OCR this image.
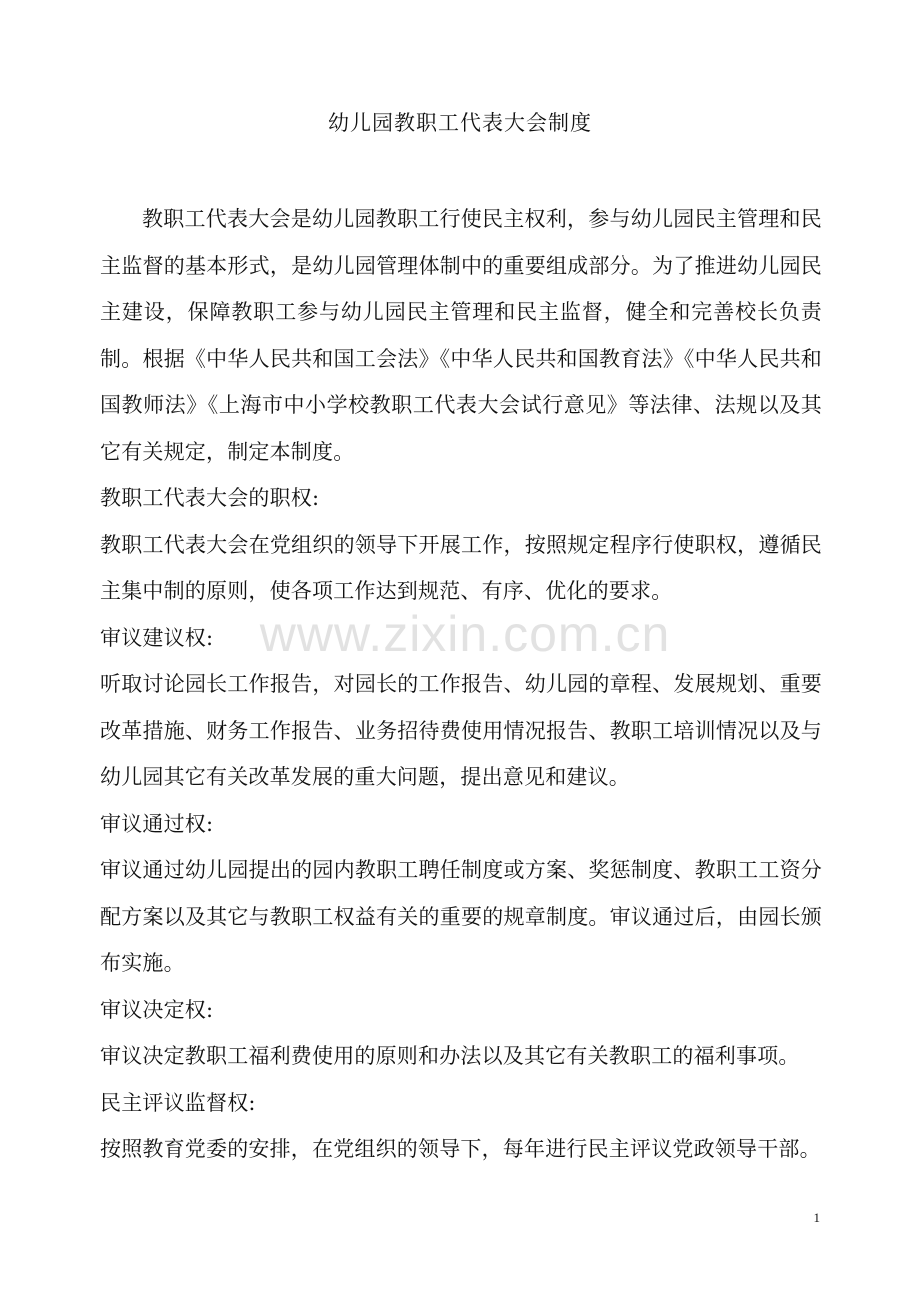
幼儿园教职工代表大会制度

教职工代表大会是幼儿园教职工行使民主权利，参与幼儿园民主管理和民主监督的基本形式，是幼儿园管理体制中的重要组成部分。为了推进幼儿园民主建设，保障教职工参与幼儿园民主管理和民主监督，健全和完善校长负责制。根据《中华人民共和国工会法》《中华人民共和国教育法》《中华人民共和国教师法》《上海市中小学校教职工代表大会试行意见》等法律、法规以及其它有关规定，制定本制度。

教职工代表大会的职权:

教职工代表大会在党组织的领导下开展工作，按照规定程序行使职权，遵循民主集中制的原则，使各项工作达到规范、有序、优化的要求。

审议建议权:

听取讨论园长工作报告，对园长的工作报告、幼儿园的章程、发展规划、重要改革措施、财务工作报告、业务招待费使用情况报告、教职工培训情况以及与幼儿园其它有关改革发展的重大问题，提出意见和建议。

审议通过权:

审议通过幼儿园提出的园内教职工聘任制度或方案、奖惩制度、教职工工资分配方案以及其它与教职工权益有关的重要的规章制度。审议通过后，由园长颁布实施。

审议决定权:

审议决定教职工福利费使用的原则和办法以及其它有关教职工的福利事项。

民主评议监督权:

按照教育党委的安排，在党组织的领导下，每年进行民主评议党政领导干部。

www.zixin.com.cn
1
